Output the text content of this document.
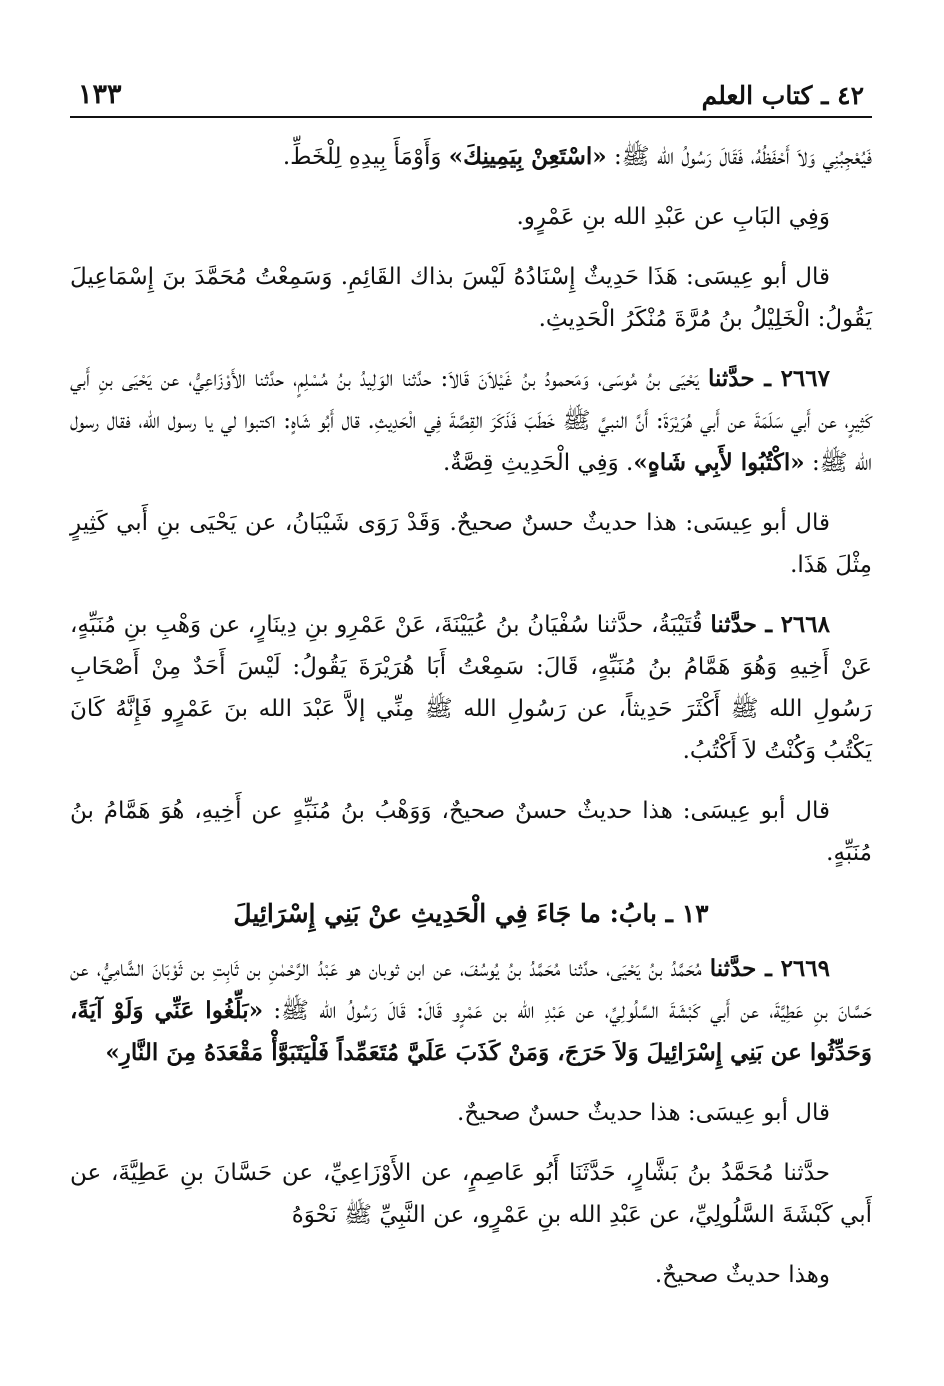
٤٢ ـ كتاب العلم
١٣٣

فَيُعْجِبُنِي وَلاَ أَحْفَظُهُ، فَقَالَ رَسُولُ الله ﷺ: «اسْتَعِنْ بِيَمِينِكَ» وَأَوْمَأَ بِيدِهِ لِلْخَطِّ.

وَفِي البَابِ عن عَبْدِ الله بنِ عَمْرٍو.

قال أبو عِيسَى: هَذَا حَدِيثٌ إِسْنَادُهُ لَيْسَ بذاك القَائِمِ. وَسَمِعْتُ مُحَمَّدَ بنَ إِسْمَاعِيلَ يَقُولُ: الْخَلِيْلُ بنُ مُرَّةَ مُنْكَرُ الْحَدِيثِ.

٢٦٦٧ ـ حدَّثنا يَحْيَى بنُ مُوسَى، وَمَحمودُ بنُ غَيْلاَنَ قَالاَ: حدَّثنا الوَلِيدُ بنُ مُسْلِمٍ، حدَّثنا الأَوْزَاعِيُّ، عن يَحْيَى بنِ أَبي كَثِيرٍ، عن أَبي سَلَمَةَ عن أَبي هُرَيْرَةَ: أَنَّ النبيَّ ﷺ خَطَبَ فَذَكَرَ القِصَّةَ فِي الْحَدِيثِ. قال أَبُو شَاهٍ: اكتبوا لي يا رسول الله، فقال رسول الله ﷺ: «اكْتُبُوا لأَبِي شَاهٍ». وَفِي الْحَدِيثِ قِصَّةٌ.

قال أبو عِيسَى: هذا حديثٌ حسنٌ صحيحٌ. وَقَدْ رَوَى شَيْبَانُ، عن يَحْيَى بنِ أَبي كَثِيرٍ مِثْلَ هَذَا.

٢٦٦٨ ـ حدَّثنا قُتَيْبَةُ، حدَّثنا سُفْيَانُ بنُ عُيَيْنَةَ، عَنْ عَمْرِو بنِ دِينَارٍ، عن وَهْبِ بنِ مُنَبِّهٍ، عَنْ أَخِيهِ وَهُوَ هَمَّامُ بنُ مُنَبِّهٍ، قَالَ: سَمِعْتُ أَبَا هُرَيْرَةَ يَقُولُ: لَيْسَ أَحَدٌ مِنْ أَصْحَابِ رَسُولِ الله ﷺ أَكْثَرَ حَدِيثاً، عن رَسُولِ الله ﷺ مِنِّي إلاَّ عَبْدَ الله بنَ عَمْرٍو فَإِنَّهُ كَانَ يَكْتُبُ وَكُنْتُ لاَ أَكْتُبُ.

قال أبو عِيسَى: هذا حديثٌ حسنٌ صحيحٌ، وَوَهْبُ بنُ مُنَبِّهٍ عن أَخِيهِ، هُوَ هَمَّامُ بنُ مُنَبِّهٍ.

١٣ ـ بابُ: ما جَاءَ فِي الْحَدِيثِ عنْ بَنِي إِسْرَائِيلَ

٢٦٦٩ ـ حدَّثنا مُحَمَّدُ بنُ يَحْيَى، حدَّثنا مُحَمَّدُ بنُ يُوسُفَ، عن ابن ثوبان هو عَبْدُ الرَّحْمٰنِ بن ثَابِتِ بن ثَوْبَانَ الشَّامِيُّ، عن حَسَّانَ بنِ عَطِيَّةَ، عن أَبي كَبْشَةَ السَّلُولِيِّ، عن عَبْدِ الله بن عَمْرٍو قَالَ: قَالَ رَسُولُ الله ﷺ: «بَلِّغُوا عَنِّي وَلَوْ آيَةً، وَحَدِّثُوا عن بَنِي إِسْرَائِيلَ وَلاَ حَرَجَ، وَمَنْ كَذَبَ عَلَيَّ مُتَعَمِّداً فَلْيَتَبَوَّأْ مَقْعَدَهُ مِنَ النَّارِ»

قال أبو عِيسَى: هذا حديثٌ حسنٌ صحيحٌ.

حدَّثنا مُحَمَّدُ بنُ بَشَّارٍ، حَدَّثَنَا أَبُو عَاصِمٍ، عن الأَوْزَاعِيِّ، عن حَسَّانَ بنِ عَطِيَّةَ، عن أَبي كَبْشَةَ السَّلُولِيِّ، عن عَبْدِ الله بنِ عَمْرٍو، عن النَّبِيِّ ﷺ نَحْوَهُ

وهذا حديثٌ صحيحٌ.
